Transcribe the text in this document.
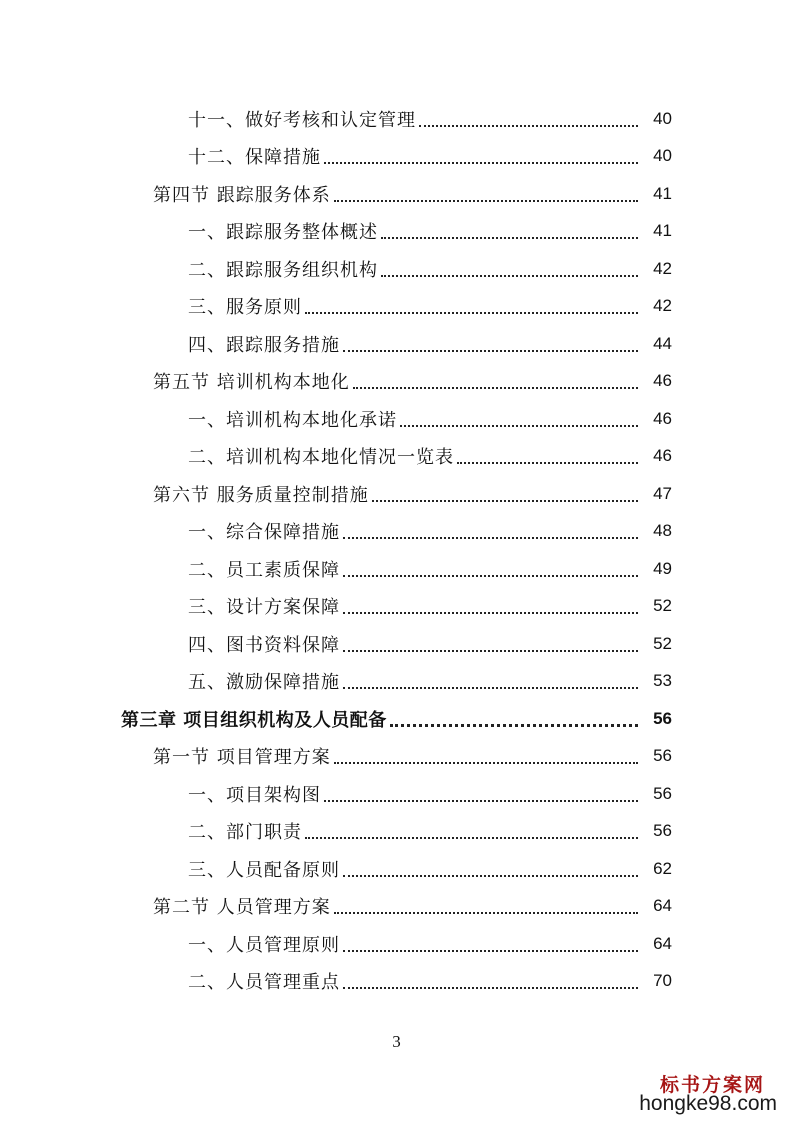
十一、做好考核和认定管理	40
十二、保障措施	40
第四节 跟踪服务体系	41
一、跟踪服务整体概述	41
二、跟踪服务组织机构	42
三、服务原则	42
四、跟踪服务措施	44
第五节 培训机构本地化	46
一、培训机构本地化承诺	46
二、培训机构本地化情况一览表	46
第六节 服务质量控制措施	47
一、综合保障措施	48
二、员工素质保障	49
三、设计方案保障	52
四、图书资料保障	52
五、激励保障措施	53
第三章 项目组织机构及人员配备	56
第一节 项目管理方案	56
一、项目架构图	56
二、部门职责	56
三、人员配备原则	62
第二节 人员管理方案	64
一、人员管理原则	64
二、人员管理重点	70
3
标书方案网
hongke98.com
